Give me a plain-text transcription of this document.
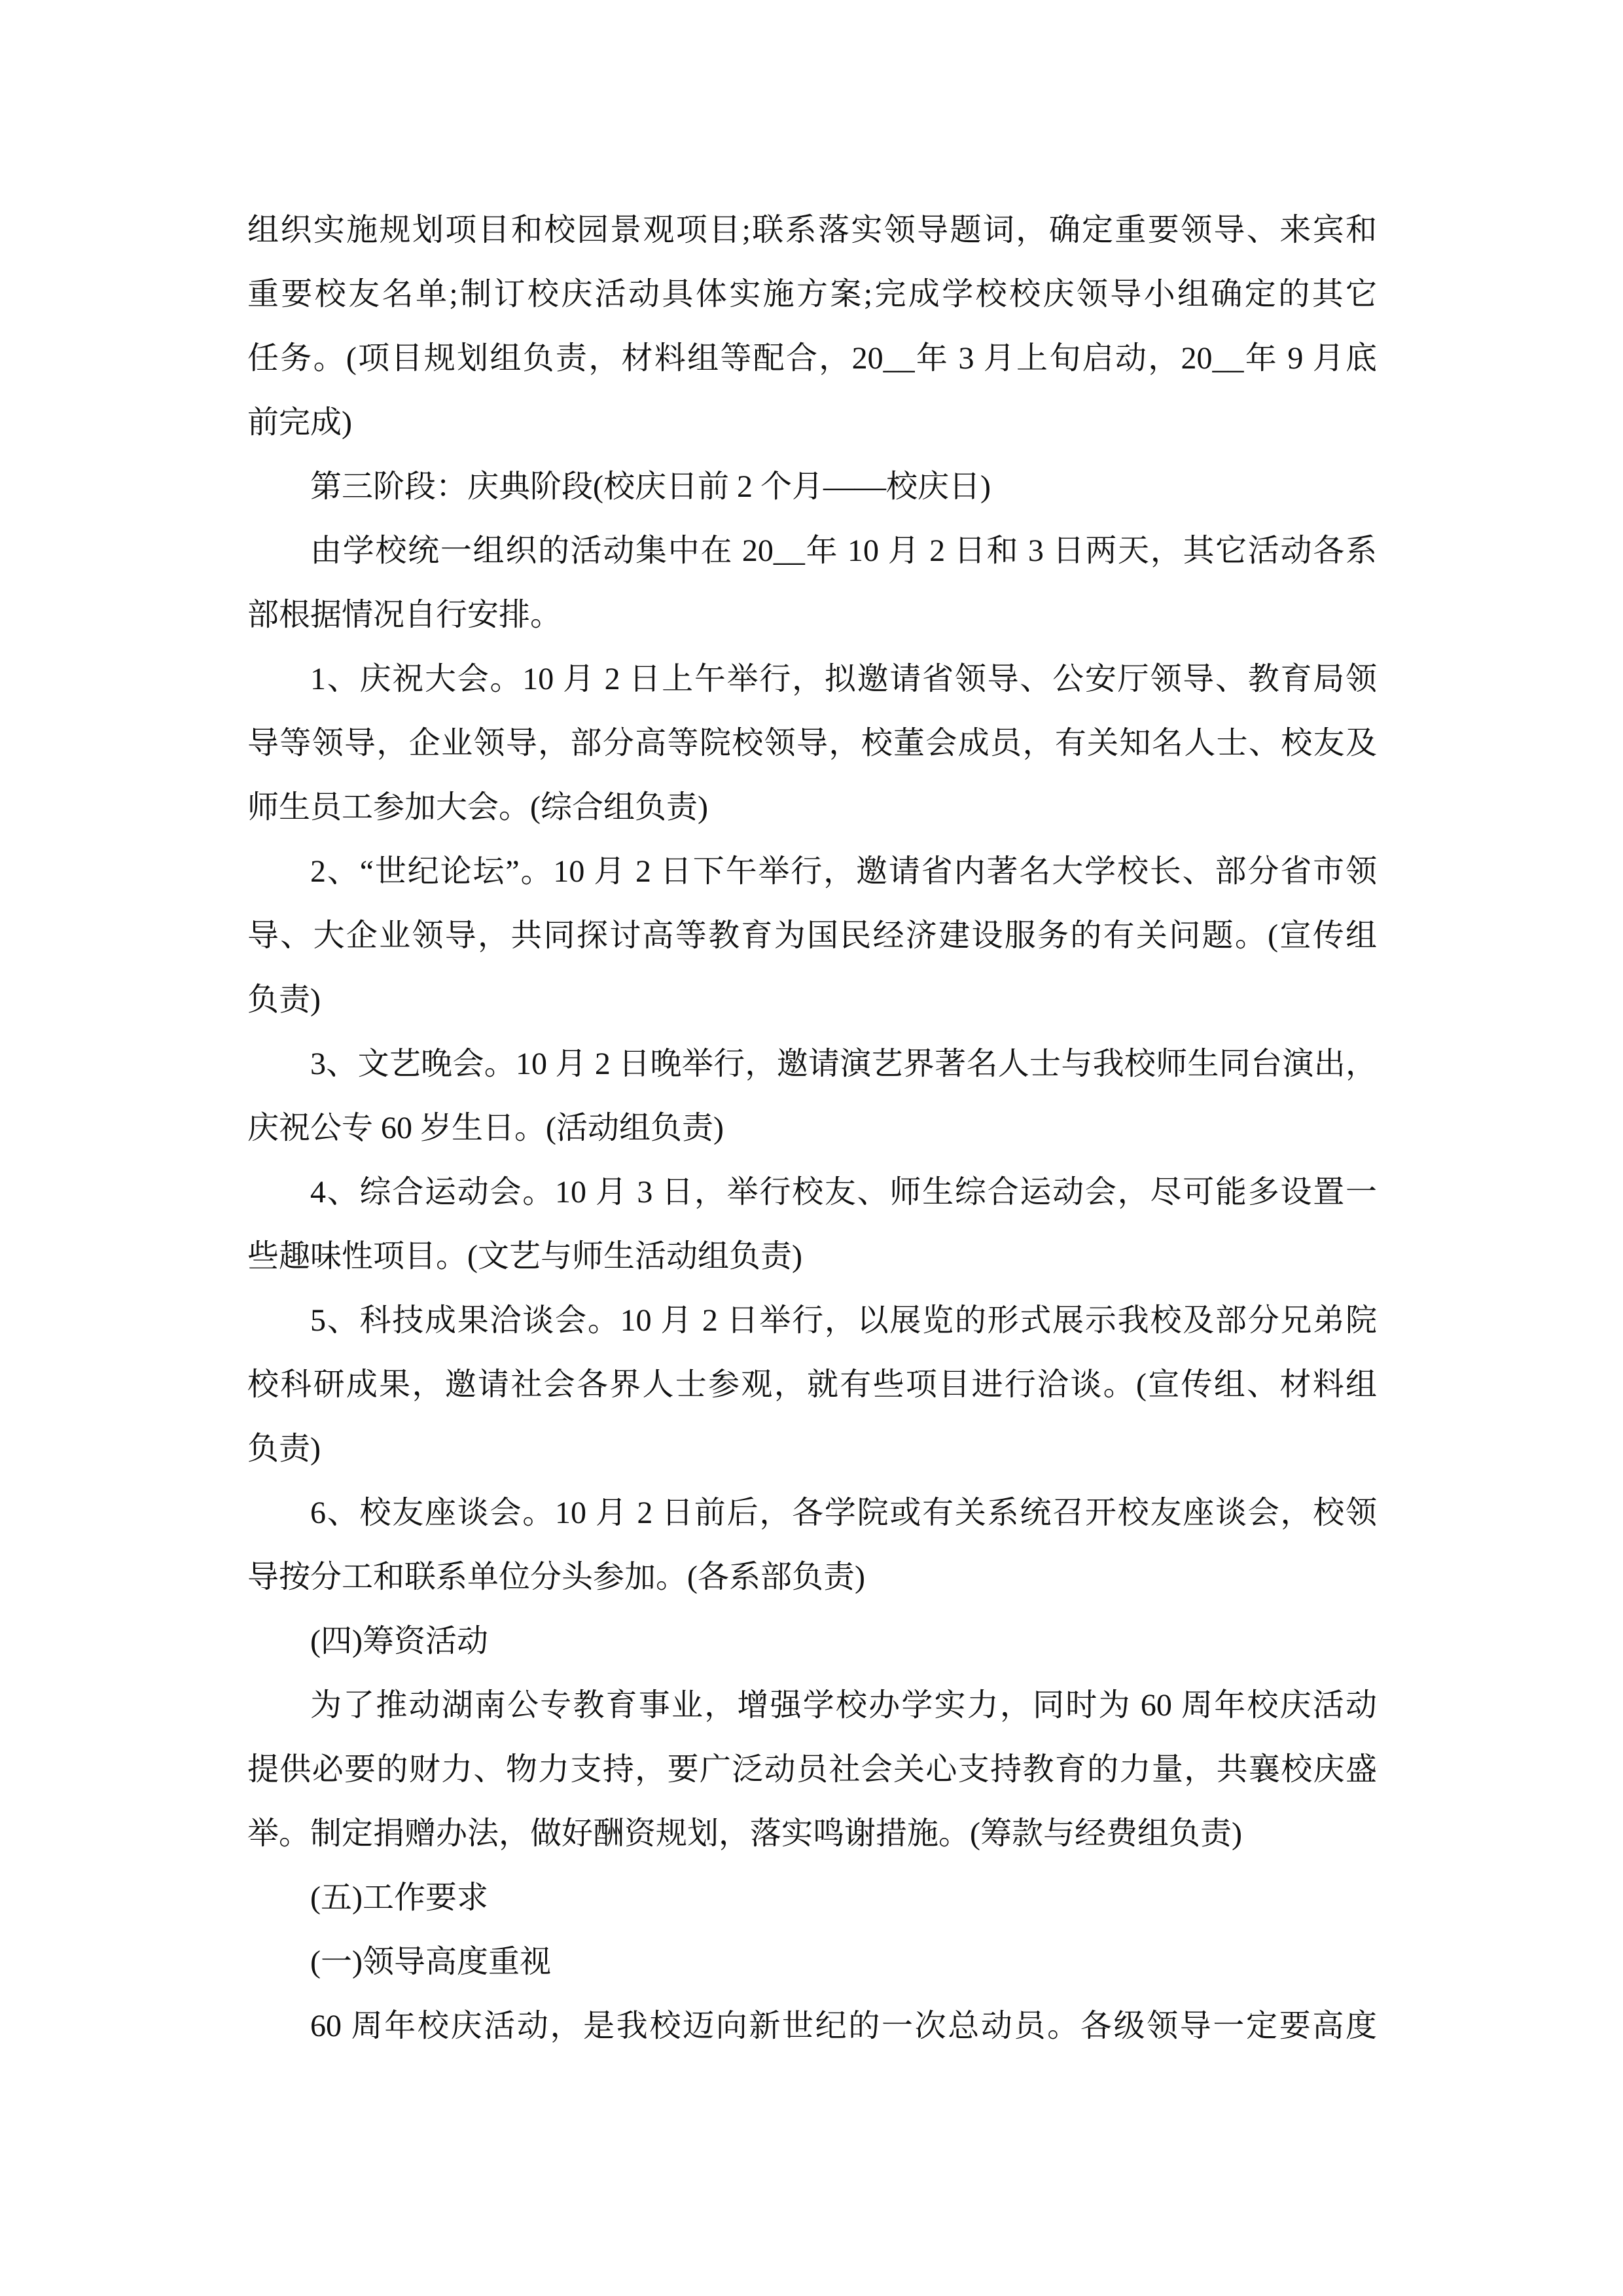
组织实施规划项目和校园景观项目;联系落实领导题词，确定重要领导、来宾和
重要校友名单;制订校庆活动具体实施方案;完成学校校庆领导小组确定的其它
任务。(项目规划组负责，材料组等配合，20__年 3 月上旬启动，20__年 9 月底
前完成)
第三阶段：庆典阶段(校庆日前 2 个月——校庆日)
由学校统一组织的活动集中在 20__年 10 月 2 日和 3 日两天，其它活动各系
部根据情况自行安排。
1、庆祝大会。10 月 2 日上午举行，拟邀请省领导、公安厅领导、教育局领
导等领导，企业领导，部分高等院校领导，校董会成员，有关知名人士、校友及
师生员工参加大会。(综合组负责)
2、“世纪论坛”。10 月 2 日下午举行，邀请省内著名大学校长、部分省市领
导、大企业领导，共同探讨高等教育为国民经济建设服务的有关问题。(宣传组
负责)
3、文艺晚会。10 月 2 日晚举行，邀请演艺界著名人士与我校师生同台演出，
庆祝公专 60 岁生日。(活动组负责)
4、综合运动会。10 月 3 日，举行校友、师生综合运动会，尽可能多设置一
些趣味性项目。(文艺与师生活动组负责)
5、科技成果洽谈会。10 月 2 日举行，以展览的形式展示我校及部分兄弟院
校科研成果，邀请社会各界人士参观，就有些项目进行洽谈。(宣传组、材料组
负责)
6、校友座谈会。10 月 2 日前后，各学院或有关系统召开校友座谈会，校领
导按分工和联系单位分头参加。(各系部负责)
(四)筹资活动
为了推动湖南公专教育事业，增强学校办学实力，同时为 60 周年校庆活动
提供必要的财力、物力支持，要广泛动员社会关心支持教育的力量，共襄校庆盛
举。制定捐赠办法，做好酬资规划，落实鸣谢措施。(筹款与经费组负责)
(五)工作要求
(一)领导高度重视
60 周年校庆活动，是我校迈向新世纪的一次总动员。各级领导一定要高度
